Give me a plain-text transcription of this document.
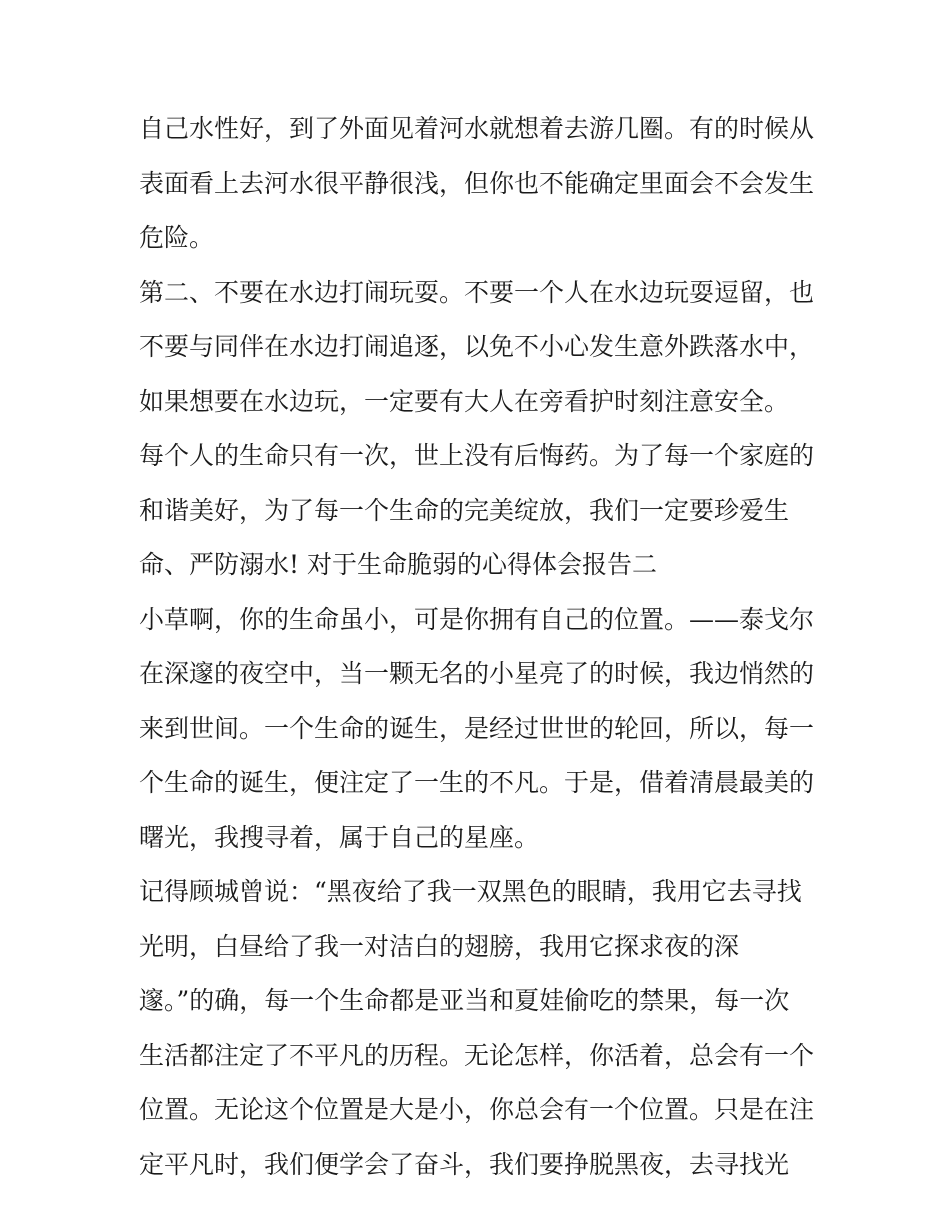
自己水性好，到了外面见着河水就想着去游几圈。有的时候从
表面看上去河水很平静很浅，但你也不能确定里面会不会发生
危险。
第二、不要在水边打闹玩耍。不要一个人在水边玩耍逗留，也
不要与同伴在水边打闹追逐，以免不小心发生意外跌落水中，
如果想要在水边玩，一定要有大人在旁看护时刻注意安全。
每个人的生命只有一次，世上没有后悔药。为了每一个家庭的
和谐美好，为了每一个生命的完美绽放，我们一定要珍爱生
命、严防溺水! 对于生命脆弱的心得体会报告二
小草啊，你的生命虽小，可是你拥有自己的位置。——泰戈尔
在深邃的夜空中，当一颗无名的小星亮了的时候，我边悄然的
来到世间。一个生命的诞生，是经过世世的轮回，所以，每一
个生命的诞生，便注定了一生的不凡。于是，借着清晨最美的
曙光，我搜寻着，属于自己的星座。
记得顾城曾说：“黑夜给了我一双黑色的眼睛，我用它去寻找
光明，白昼给了我一对洁白的翅膀，我用它探求夜的深
邃。”的确，每一个生命都是亚当和夏娃偷吃的禁果，每一次
生活都注定了不平凡的历程。无论怎样，你活着，总会有一个
位置。无论这个位置是大是小，你总会有一个位置。只是在注
定平凡时，我们便学会了奋斗，我们要挣脱黑夜，去寻找光
